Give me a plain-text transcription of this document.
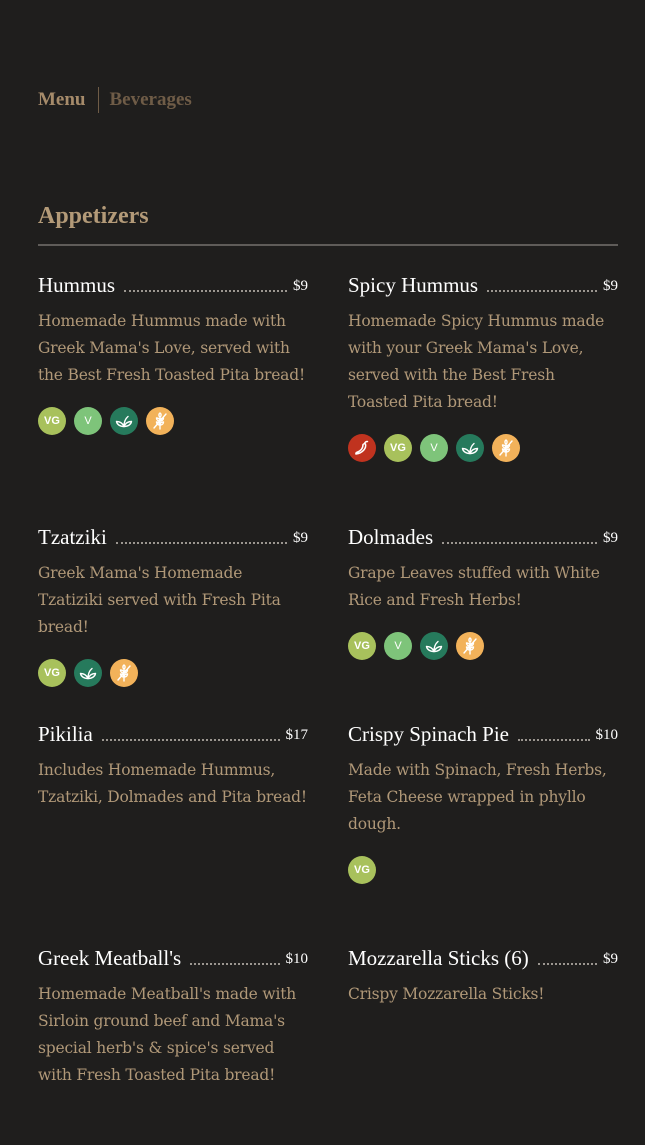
Menu Beverages
Appetizers
Hummus	$9
Homemade Hummus made with Greek Mama's Love, served with the Best Fresh Toasted Pita bread!
VG	V
Spicy Hummus	$9
Homemade Spicy Hummus made with your Greek Mama's Love, served with the Best Fresh Toasted Pita bread!
VG	V
Tzatziki	$9
Greek Mama's Homemade Tzatiziki served with Fresh Pita bread!
VG
Dolmades	$9
Grape Leaves stuffed with White Rice and Fresh Herbs!
VG	V
Pikilia	$17
Includes Homemade Hummus, Tzatziki, Dolmades and Pita bread!
Crispy Spinach Pie	$10
Made with Spinach, Fresh Herbs, Feta Cheese wrapped in phyllo dough.
VG
Greek Meatball's	$10
Homemade Meatball's made with Sirloin ground beef and Mama's special herb's & spice's served with Fresh Toasted Pita bread!
Mozzarella Sticks (6)	$9
Crispy Mozzarella Sticks!
